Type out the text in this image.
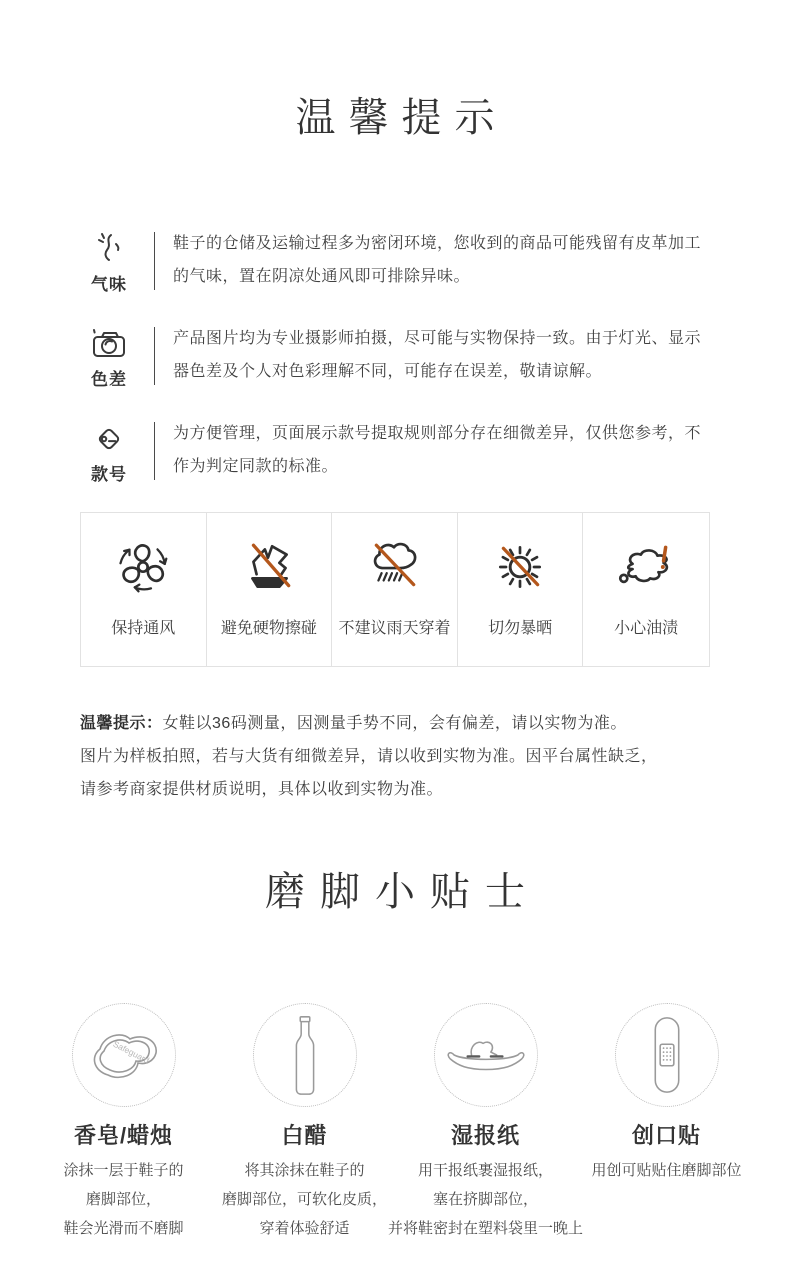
温馨提示
气味
鞋子的仓储及运输过程多为密闭环境，您收到的商品可能残留有皮革加工的气味，置在阴凉处通风即可排除异味。
色差
产品图片均为专业摄影师拍摄，尽可能与实物保持一致。由于灯光、显示器色差及个人对色彩理解不同，可能存在误差，敬请谅解。
款号
为方便管理，页面展示款号提取规则部分存在细微差异，仅供您参考，不作为判定同款的标准。
保持通风	避免硬物擦碰 不建议雨天穿着 切勿暴晒	小心油渍
温馨提示：女鞋以36码测量，因测量手势不同，会有偏差，请以实物为准。
图片为样板拍照，若与大货有细微差异，请以收到实物为准。因平台属性缺乏，
请参考商家提供材质说明，具体以收到实物为准。
磨脚小贴士
Safeguard
香皂/蜡烛
涂抹一层于鞋子的
磨脚部位，
鞋会光滑而不磨脚
白醋
将其涂抹在鞋子的
磨脚部位，可软化皮质，
穿着体验舒适
湿报纸
用干报纸裹湿报纸，
塞在挤脚部位，
并将鞋密封在塑料袋里一晚上
创口贴
用创可贴贴住磨脚部位
